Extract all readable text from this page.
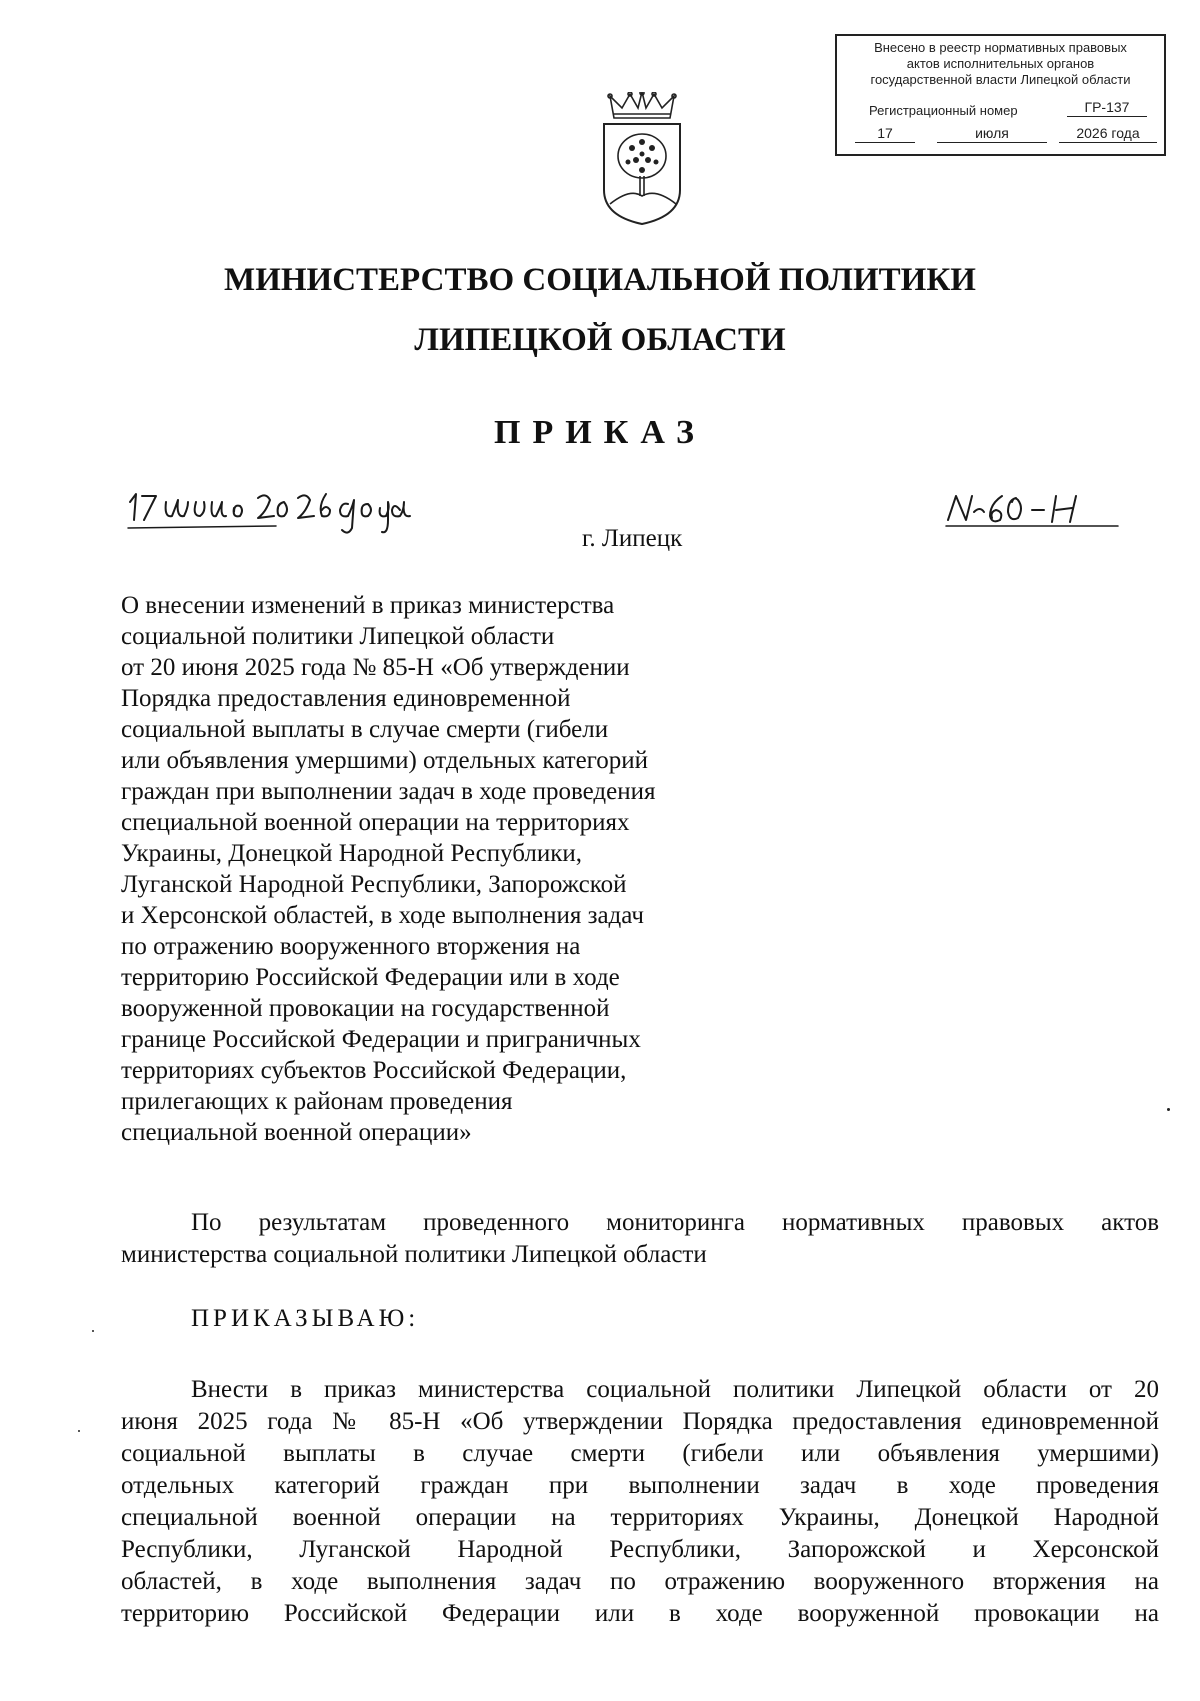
Внесено в реестр нормативных правовых
актов исполнительных органов
государственной власти Липецкой области
Регистрационный номер	ГР-137
17	июля	2026 года
МИНИСТЕРСТВО СОЦИАЛЬНОЙ ПОЛИТИКИ
ЛИПЕЦКОЙ ОБЛАСТИ
ПРИКАЗ
г. Липецк
О внесении изменений в приказ министерства
социальной политики Липецкой области
от 20 июня 2025 года № 85-Н «Об утверждении
Порядка предоставления единовременной
социальной выплаты в случае смерти (гибели
или объявления умершими) отдельных категорий
граждан при выполнении задач в ходе проведения
специальной военной операции на территориях
Украины, Донецкой Народной Республики,
Луганской Народной Республики, Запорожской
и Херсонской областей, в ходе выполнения задач
по отражению вооруженного вторжения на
территорию Российской Федерации или в ходе
вооруженной провокации на государственной
границе Российской Федерации и приграничных
территориях субъектов Российской Федерации,
прилегающих к районам проведения
специальной военной операции»
По результатам проведенного мониторинга нормативных правовых актов
министерства социальной политики Липецкой области
ПРИКАЗЫВАЮ:
Внести в приказ министерства социальной политики Липецкой области от 20
июня 2025 года № 85-Н «Об утверждении Порядка предоставления единовременной
социальной выплаты в случае смерти (гибели или объявления умершими)
отдельных категорий граждан при выполнении задач в ходе проведения
специальной военной операции на территориях Украины, Донецкой Народной
Республики, Луганской Народной Республики, Запорожской и Херсонской
областей, в ходе выполнения задач по отражению вооруженного вторжения на
территорию Российской Федерации или в ходе вооруженной провокации на
